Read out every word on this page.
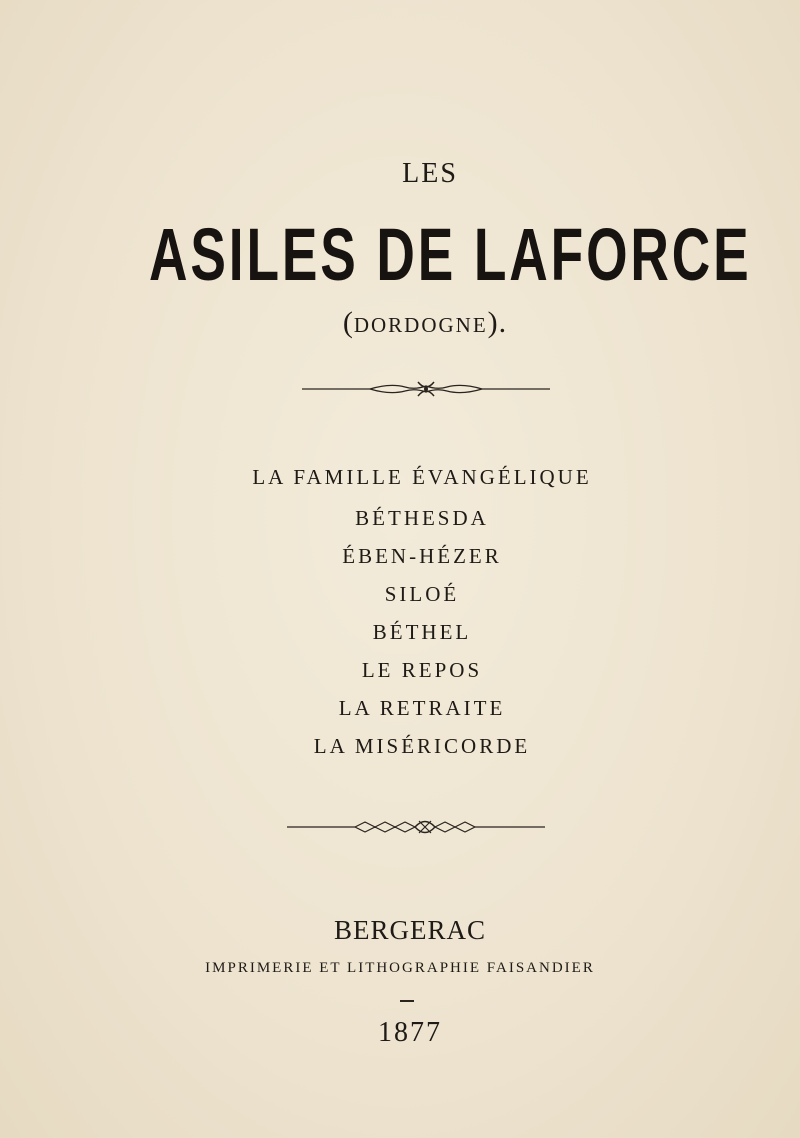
LES
ASILES DE LAFORCE
(DORDOGNE).
LA FAMILLE ÉVANGÉLIQUE
BÉTHESDA
ÉBEN-HÉZER
SILOÉ
BÉTHEL
LE REPOS
LA RETRAITE
LA MISÉRICORDE
BERGERAC
IMPRIMERIE ET LITHOGRAPHIE FAISANDIER
1877
